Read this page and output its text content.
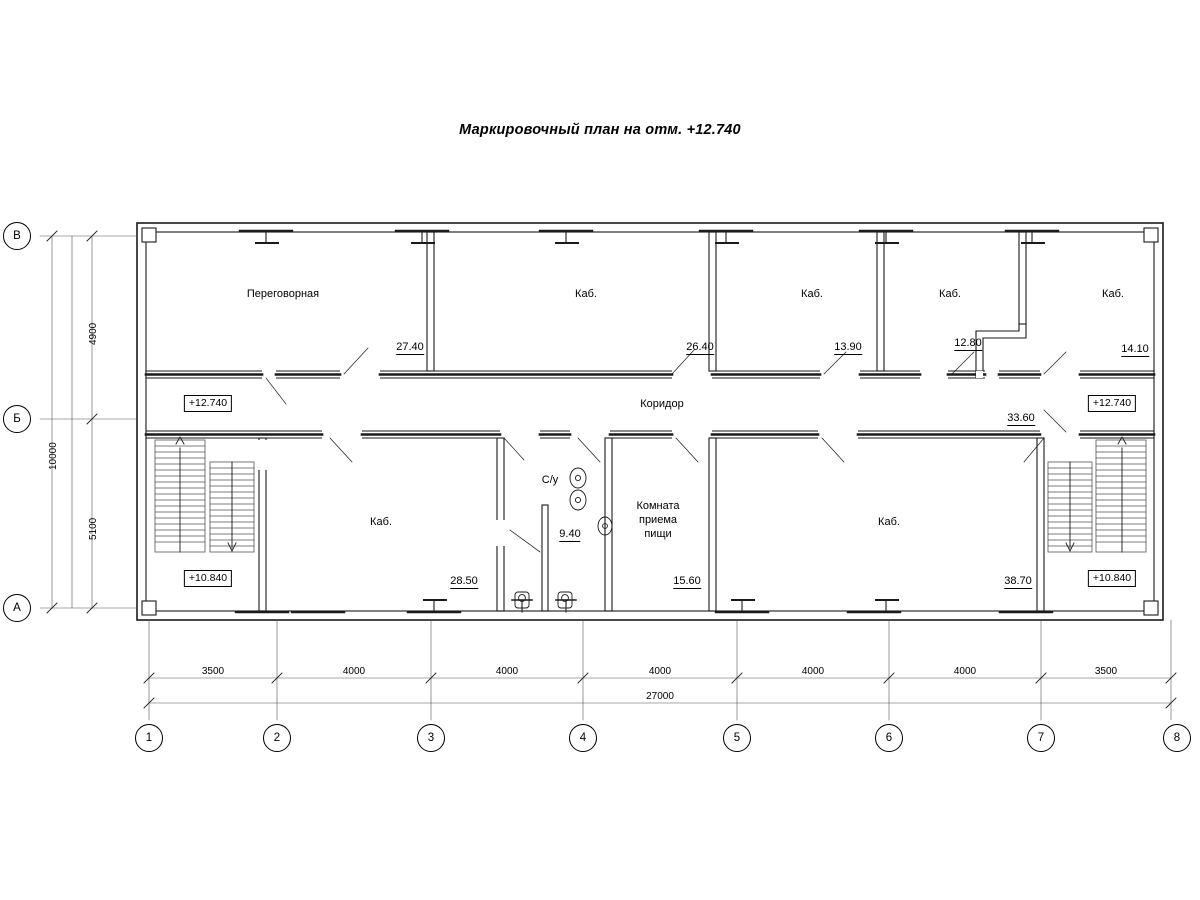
Маркировочный план на отм. +12.740
Переговорная	Каб.	Каб.	Каб.	Каб.
Коридор
Каб.
С/у
Комната
приема
пищи
Каб.
27.40	26.40	13.90	12.80	14.10
33.60
28.50
9.40
15.60	38.70
+12.740	+12.740
+10.840	+10.840
В
Б
А
4900
5100
10000
3500	4000	4000	4000	4000	4000	3500
27000
1	2	3	4	5	6	7	8
